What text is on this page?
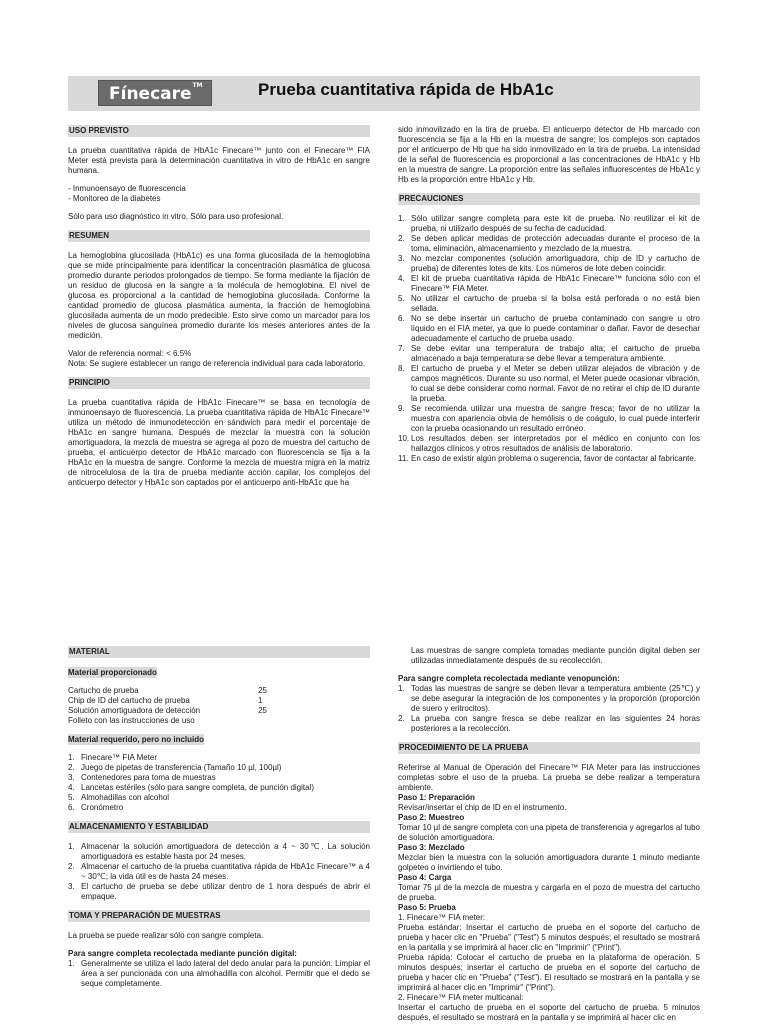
Fínecare™	Prueba cuantitativa rápida de HbA1c
USO PREVISTO

La prueba cuantitativa rápida de HbA1c Finecare™ junto con el Finecare™ FIA Meter está prevista para la determinación cuantitativa in vitro de HbA1c en sangre humana.

- Inmunoensayo de fluorescencia

- Monitoreo de la diabetes

Sólo para uso diagnóstico in vitro. Sólo para uso profesional.

RESUMEN

La hemoglobina glucosilada (HbA1c) es una forma glucosilada de la hemoglobina que se mide principalmente para identificar la concentración plasmática de glucosa promedio durante periodos prolongados de tiempo. Se forma mediante la fijación de un residuo de glucosa en la sangre a la molécula de hemoglobina. El nivel de glucosa es proporcional a la cantidad de hemoglobina glucosilada. Conforme la cantidad promedio de glucosa plasmática aumenta, la fracción de hemoglobina glucosilada aumenta de un modo predecible. Esto sirve como un marcador para los niveles de glucosa sanguínea promedio durante los meses anteriores antes de la medición.

Valor de referencia normal: < 6.5%

Nota: Se sugiere establecer un rango de referencia individual para cada laboratorio.

PRINCIPIO

La prueba cuantitativa rápida de HbA1c Finecare™ se basa en tecnología de inmunoensayo de fluorescencia. La prueba cuantitativa rápida de HbA1c Finecare™ utiliza un método de inmunodetección en sándwich para medir el porcentaje de HbA1c en sangre humana. Después de mezclar la muestra con la solución amortiguadora, la mezcla de muestra se agrega al pozo de muestra del cartucho de prueba, el anticuerpo detector de HbA1c marcado con fluorescencia se fija a la HbA1c en la muestra de sangre. Conforme la mezcla de muestra migra en la matriz de nitrocelulosa de la tira de prueba mediante acción capilar, los complejos del anticuerpo detector y HbA1c son captados por el anticuerpo anti-HbA1c que ha

sido inmovilizado en la tira de prueba. El anticuerpo detector de Hb marcado con fluorescencia se fija a la Hb en la muestra de sangre; los complejos son captados por el anticuerpo de Hb que ha sido inmovilizado en la tira de prueba. La intensidad de la señal de fluorescencia es proporcional a las concentraciones de HbA1c y Hb en la muestra de sangre. La proporción entre las señales influorescentes de HbA1c y Hb es la proporción entre HbA1c y Hb.

PRECAUCIONES
1. Sólo utilizar sangre completa para este kit de prueba. No reutilizar el kit de prueba, ni utilizarlo después de su fecha de caducidad.
2. Se deben aplicar medidas de protección adecuadas durante el proceso de la toma, eliminación, almacenamiento y mezclado de la muestra.
3. No mezclar componentes (solución amortiguadora, chip de ID y cartucho de prueba) de diferentes lotes de kits. Los números de lote deben coincidir.
4. El kit de prueba cuantitativa rápida de HbA1c Finecare™ funciona sólo con el Finecare™ FIA Meter.
5. No utilizar el cartucho de prueba si la bolsa está perforada o no está bien sellada.
6. No se debe insertar un cartucho de prueba contaminado con sangre u otro líquido en el FIA meter, ya que lo puede contaminar o dañar. Favor de desechar adecuadamente el cartucho de prueba usado.
7. Se debe evitar una temperatura de trabajo alta; el cartucho de prueba almacenado a baja temperatura se debe llevar a temperatura ambiente.
8. El cartucho de prueba y el Meter se deben utilizar alejados de vibración y de campos magnéticos. Durante su uso normal, el Meter puede ocasionar vibración, lo cual se debe considerar como normal. Favor de no retirar el chip de ID durante la prueba.
9. Se recomienda utilizar una muestra de sangre fresca; favor de no utilizar la muestra con apariencia obvia de hemólisis o de coágulo, lo cual puede interferir con la prueba ocasionando un resultado erróneo.
10. Los resultados deben ser interpretados por el médico en conjunto con los hallazgos clínicos y otros resultados de análisis de laboratorio.
11. En caso de existir algún problema o sugerencia, favor de contactar al fabricante.
MATERIAL
Material proporcionado
Cartucho de prueba	25
Chip de ID del cartucho de prueba	1
Solución amortiguadora de detección	25
Folleto con las instrucciones de uso	
Material requerido, pero no incluido
1. Finecare™ FIA Meter
2. Juego de pipetas de transferencia (Tamaño 10 µl, 100µl)
3. Contenedores para toma de muestras
4. Lancetas estériles (sólo para sangre completa, de punción digital)
5. Almohadillas con alcohol
6. Cronómetro
ALMACENAMIENTO Y ESTABILIDAD
1. Almacenar la solución amortiguadora de detección a 4 ~ 30℃. La solución amortiguadora es estable hasta por 24 meses.
2. Almacenar el cartucho de la prueba cuantitativa rápida de HbA1c Finecare™ a 4 ~ 30℃; la vida útil es de hasta 24 meses.
3. El cartucho de prueba se debe utilizar dentro de 1 hora después de abrir el empaque.
TOMA Y PREPARACIÓN DE MUESTRAS

La prueba se puede realizar sólo con sangre completa.

Para sangre completa recolectada mediante punción digital:

1. Generalmente se utiliza el lado lateral del dedo anular para la punción. Limpiar el área a ser puncionada con una almohadilla con alcohol. Permitir que el dedo se seque completamente.

Las muestras de sangre completa tomadas mediante punción digital deben ser utilizadas inmediatamente después de su recolección.

Para sangre completa recolectada mediante venopunción:

1. Todas las muestras de sangre se deben llevar a temperatura ambiente (25℃) y se debe asegurar la integración de los componentes y la proporción (proporción de suero y eritrocitos).
2. La prueba con sangre fresca se debe realizar en las siguientes 24 horas posteriores a la recolección.
PROCEDIMIENTO DE LA PRUEBA

Referirse al Manual de Operación del Finecare™ FIA Meter para las instrucciones completas sobre el uso de la prueba. La prueba se debe realizar a temperatura ambiente.

Paso 1: Preparación

Revisar/insertar el chip de ID en el instrumento.

Paso 2: Muestreo

Tomar 10 µl de sangre completa con una pipeta de transferencia y agregarlos al tubo de solución amortiguadora.

Paso 3: Mezclado

Mezclar bien la muestra con la solución amortiguadora durante 1 minuto mediante golpeteo o invirtiendo el tubo.

Paso 4: Carga

Tomar 75 µl de la mezcla de muestra y cargarla en el pozo de muestra del cartucho de prueba.

Paso 5: Prueba

1. Finecare™ FIA meter:

Prueba estándar: Insertar el cartucho de prueba en el soporte del cartucho de prueba y hacer clic en "Prueba" ("Test") 5 minutos después; el resultado se mostrará en la pantalla y se imprimirá al hacer clic en "Imprimir" ("Print").

Prueba rápida: Colocar el cartucho de prueba en la plataforma de operación. 5 minutos después; insertar el cartucho de prueba en el soporte del cartucho de prueba y hacer clic en "Prueba" ("Test"). El resultado se mostrará en la pantalla y se imprimirá al hacer clic en "Imprimir" ("Print").

2. Finecare™ FIA meter multicanal:

Insertar el cartucho de prueba en el soporte del cartucho de prueba. 5 minutos después, el resultado se mostrará en la pantalla y se imprimirá al hacer clic en
